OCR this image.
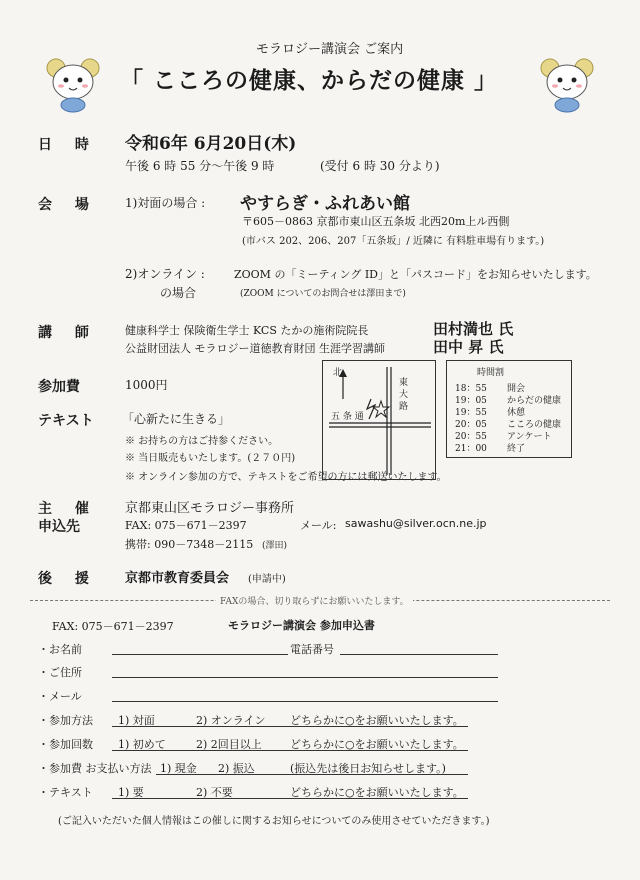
モラロジー講演会 ご案内
「 こころの健康、からだの健康 」
日 時 令和6年 6月20日(木)
午後 6 時 55 分～午後 9 時	(受付 6 時 30 分より)
会 場 1)対面の場合 : やすらぎ・ふれあい館
〒605－0863 京都市東山区五条坂 北西20m上ル西側
(市バス 202、206、207「五条坂」/ 近隣に 有料駐車場有ります。)
2)オンライン :
の場合
ZOOM の「ミーティング ID」と「パスコード」をお知らせいたします。
(ZOOM についてのお問合せは澤田まで)
講 師 健康科学士 保険衛生学士 KCS たかの施術院院長	田村満也 氏
公益財団法人 モラロジー道徳教育財団 生涯学習講師	田中 昇 氏
参加費	1000円
テキスト 「心新たに生きる」
※ お持ちの方はご持参ください。
※ 当日販売もいたします。(２７０円)
※ オンライン参加の方で、テキストをご希望の方には郵送いたします。
北
五 条 通
東
大
路
時間割
18：55 開会
19：05 からだの健康
19：55 休憩
20：05 こころの健康
20：55 アンケート
21：00 終了
主 催
申込先
京都東山区モラロジー事務所
FAX: 075－671－2397	メール: sawashu@silver.ocn.ne.jp
携帯: 090－7348－2115 (澤田)
後 援 京都市教育委員会 (申請中)
FAXの場合、切り取らずにお願いいたします。
FAX: 075－671－2397	モラロジー講演会 参加申込書
・お名前	電話番号
・ご住所
・メール
・参加方法 1) 対面	2) オンライン どちらかに○をお願いいたします。
・参加回数 1) 初めて	2) 2回目以上	どちらかに○をお願いいたします。
・参加費 お支払い方法 1) 現金 2) 振込	(振込先は後日お知らせします。)
・テキスト 1) 要	2) 不要	どちらかに○をお願いいたします。
(ご記入いただいた個人情報はこの催しに関するお知らせについてのみ使用させていただきます。)
